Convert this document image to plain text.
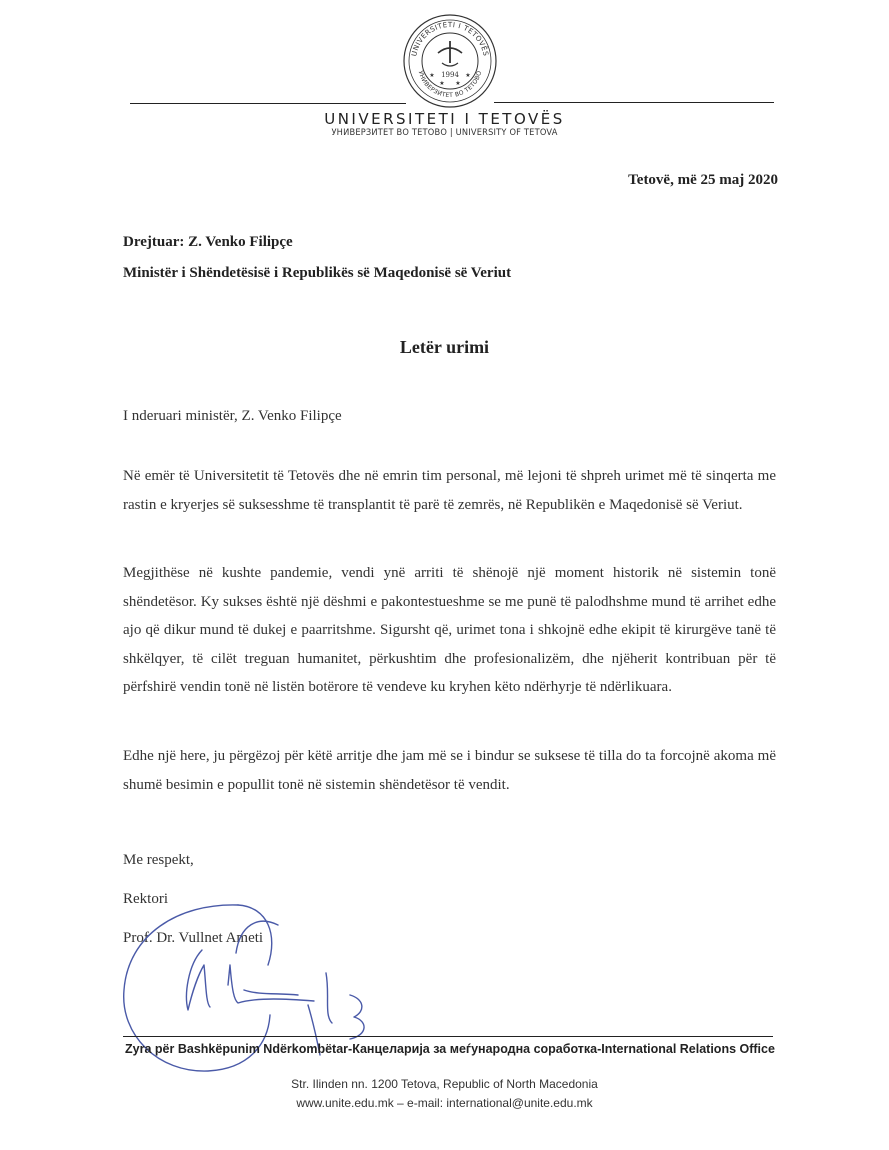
UNIVERSITETI I TETOVËS
УНИВЕРЗИТЕТ ВО ТЕТОВО
1994
★	★
★ ★
UNIVERSITETI I TETOVËS
УНИВЕРЗИТЕТ ВО ТЕТОВО | UNIVERSITY OF TETOVA
Tetovë, më 25 maj 2020
Drejtuar: Z. Venko Filipçe
Ministër i Shëndetësisë i Republikës së Maqedonisë së Veriut
Letër urimi
I nderuari ministër, Z. Venko Filipçe
Në emër të Universitetit të Tetovës dhe në emrin tim personal, më lejoni të shpreh urimet më të sinqerta me rastin e kryerjes së suksesshme të transplantit të parë të zemrës, në Republikën e Maqedonisë së Veriut.
Megjithëse në kushte pandemie, vendi ynë arriti të shënojë një moment historik në sistemin tonë shëndetësor. Ky sukses është një dëshmi e pakontestueshme se me punë të palodhshme mund të arrihet edhe ajo që dikur mund të dukej e paarritshme. Sigursht që, urimet tona i shkojnë edhe ekipit të kirurgëve tanë të shkëlqyer, të cilët treguan humanitet, përkushtim dhe profesionalizëm, dhe njëherit kontribuan për të përfshirë vendin tonë në listën botërore të vendeve ku kryhen këto ndërhyrje të ndërlikuara.
Edhe një here, ju përgëzoj për këtë arritje dhe jam më se i bindur se suksese të tilla do ta forcojnë akoma më shumë besimin e popullit tonë në sistemin shëndetësor të vendit.
Me respekt,
Rektori
Prof. Dr. Vullnet Ameti
Zyra për Bashkëpunim Ndërkombëtar-Канцеларија за меѓународна соработка-International Relations Office
Str. Ilinden nn. 1200 Tetova, Republic of North Macedonia
www.unite.edu.mk – e-mail: international@unite.edu.mk
